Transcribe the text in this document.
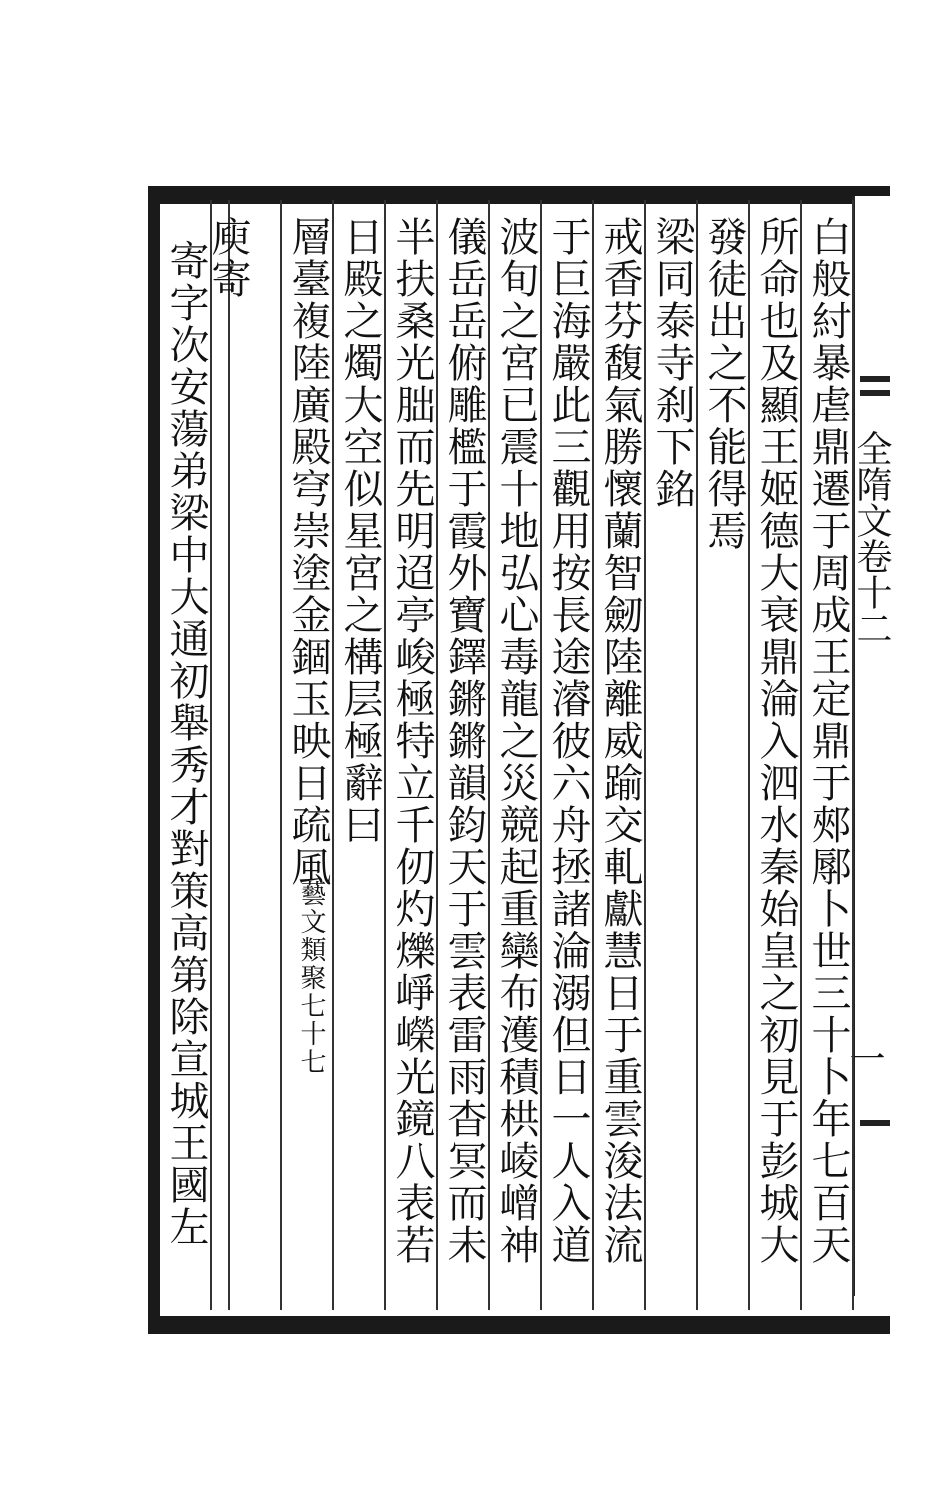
全隋文卷十二
一
白般紂暴虐鼎遷于周成王定鼎于郟鄏卜世三十卜年七百天
所命也及顯王姬德大衰鼎淪入泗水秦始皇之初見于彭城大
發徒出之不能得焉
梁同泰寺刹下銘
戒香芬馥氣勝懷蘭智劒陸離威踰交軋獻慧日于重雲浚法流
于巨海嚴此三觀用按長途濬彼六舟拯諸淪溺但日一人入道
波旬之宮已震十地弘心毒龍之災競起重欒布濩積栱崚嶒神
儀岳岳俯雕檻于霞外寶鐸鏘鏘韻鈞天于雲表雷雨杳冥而未
半扶桑光朏而先明迢亭峻極特立千仞灼爍崢嶸光鏡八表若
日殿之燭大空似星宮之構层極辭曰
層臺複陸廣殿穹崇塗金錮玉映日疏風
藝文類聚七十七
庾寄
寄字次安蕩弟梁中大通初舉秀才對策高第除宣城王國左
